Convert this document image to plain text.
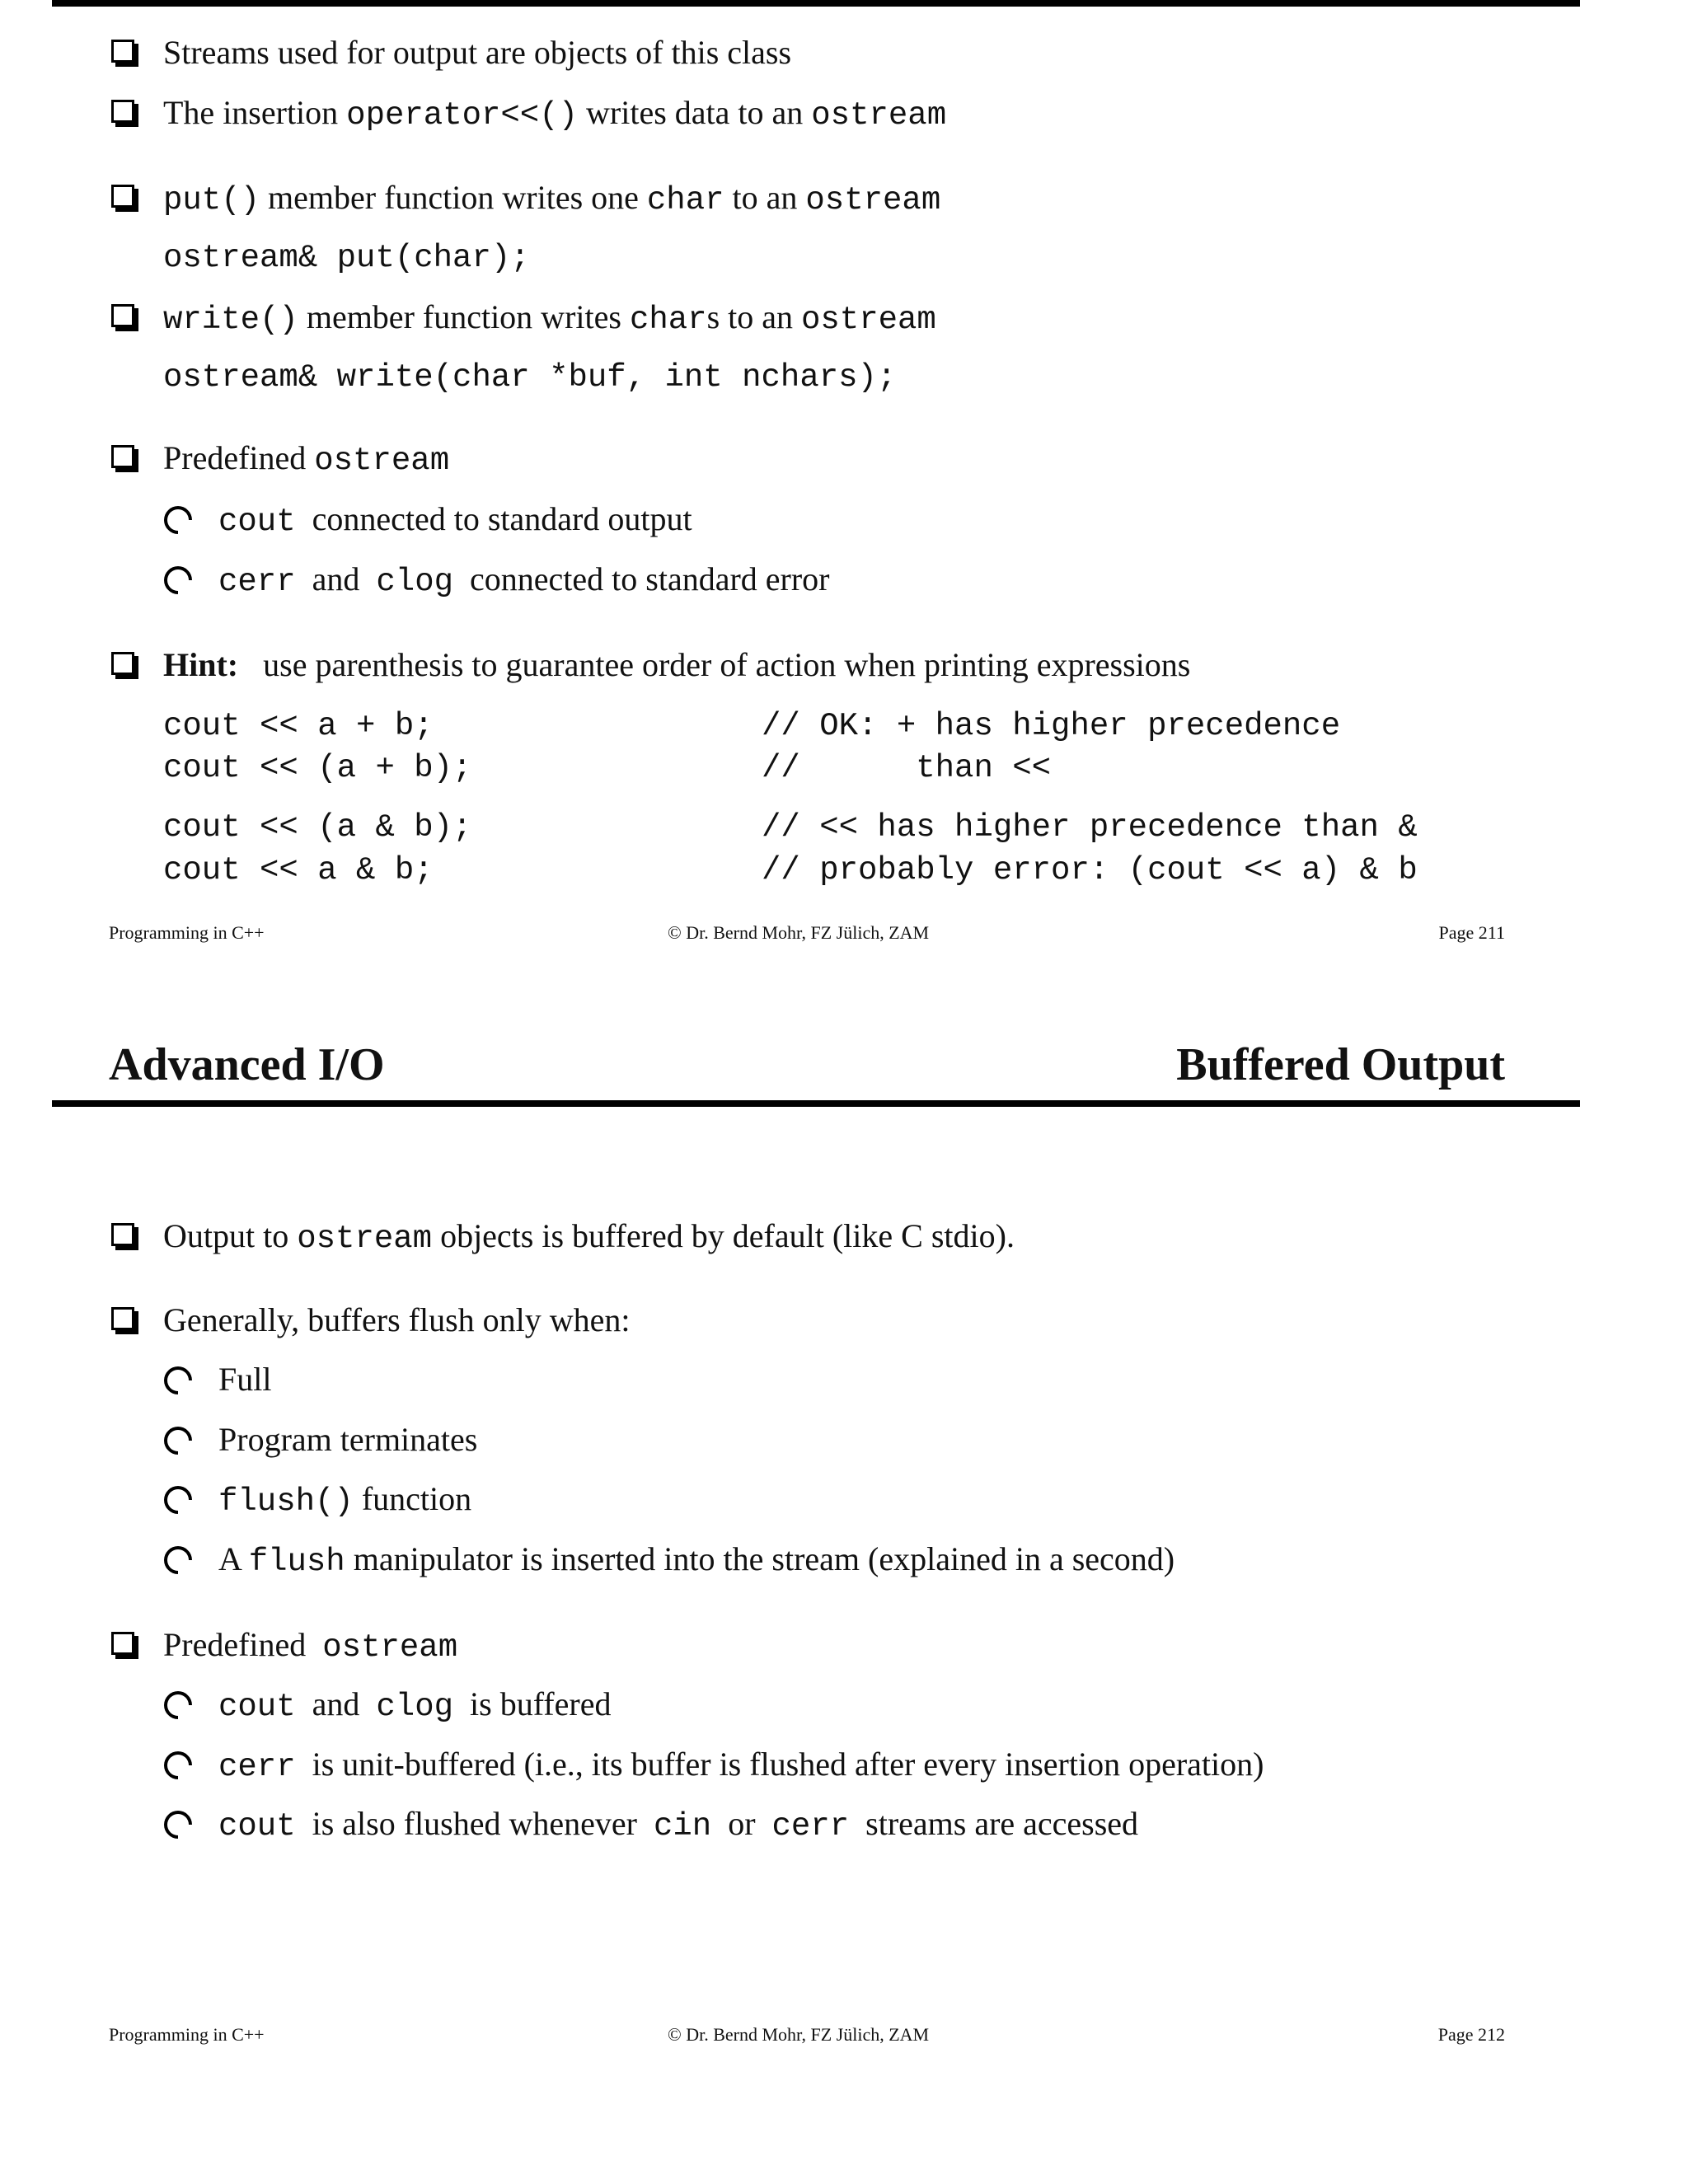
Streams used for output are objects of this class
The insertion operator<<() writes data to an ostream
put() member function writes one char to an ostream
ostream& put(char);
write() member function writes chars to an ostream
ostream& write(char *buf, int nchars);
Predefined ostream
cout  connected to standard output
cerr  and  clog  connected to standard error
Hint:   use parenthesis to guarantee order of action when printing expressions
cout << a + b;	// OK: + has higher precedence
cout << (a + b);	//      than <<
cout << (a & b);	// << has higher precedence than &
cout << a & b;	// probably error: (cout << a) & b
Programming in C++	© Dr. Bernd Mohr, FZ Jülich, ZAM	Page 211
Advanced I/O	Buffered Output
Output to ostream objects is buffered by default (like C stdio).
Generally, buffers flush only when:
Full
Program terminates
flush() function
A flush manipulator is inserted into the stream (explained in a second)
Predefined  ostream
cout  and  clog  is buffered
cerr  is unit-buffered (i.e., its buffer is flushed after every insertion operation)
cout  is also flushed whenever  cin  or  cerr  streams are accessed
Programming in C++	© Dr. Bernd Mohr, FZ Jülich, ZAM	Page 212
